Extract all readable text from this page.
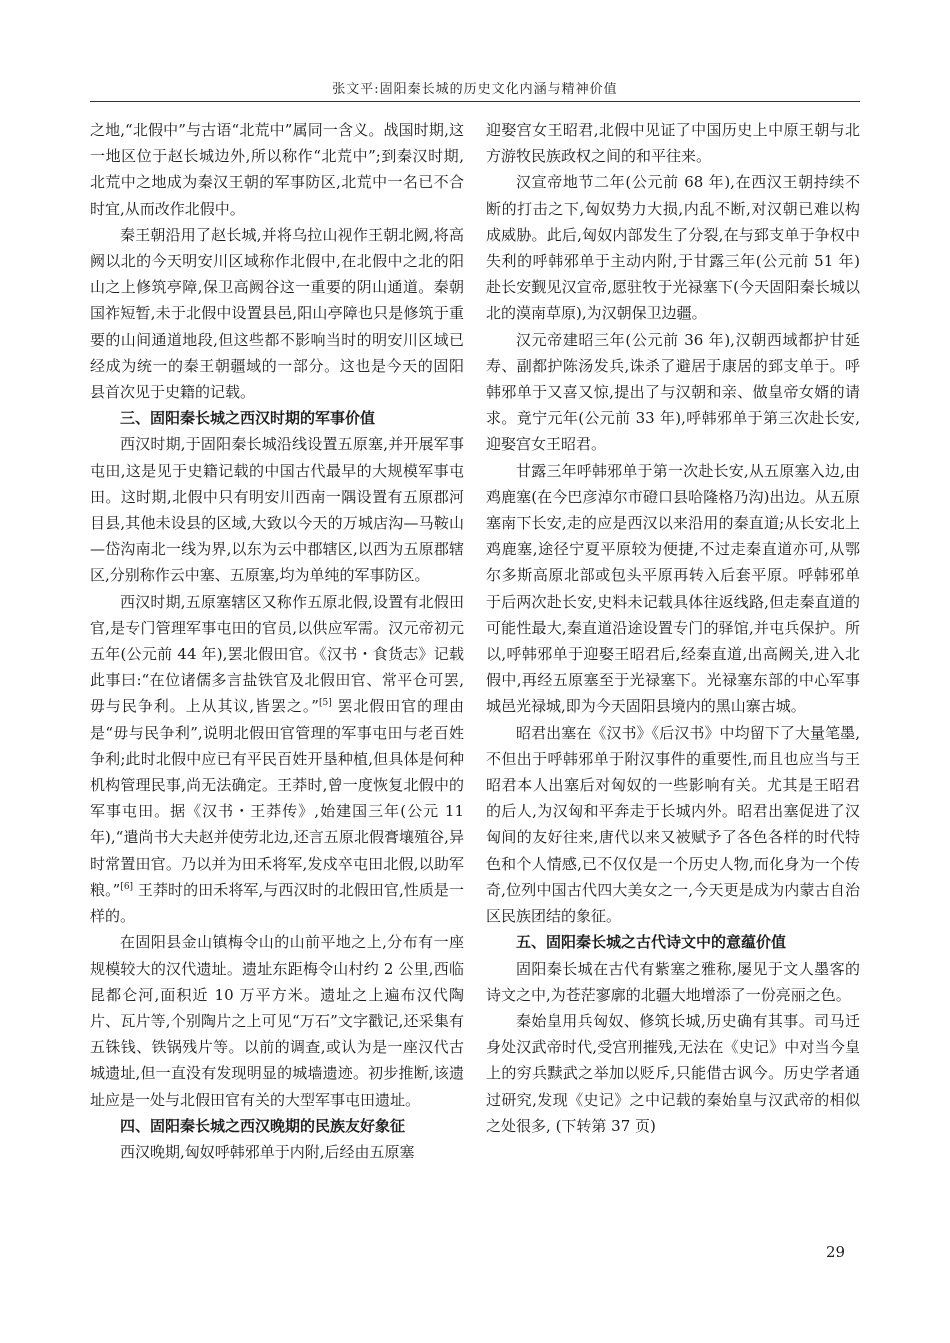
张文平:固阳秦长城的历史文化内涵与精神价值

之地,“北假中”与古语“北荒中”属同一含义。战国时期,这一地区位于赵长城边外,所以称作“北荒中”;到秦汉时期,北荒中之地成为秦汉王朝的军事防区,北荒中一名已不合时宜,从而改作北假中。

秦王朝沿用了赵长城,并将乌拉山视作王朝北阙,将高阙以北的今天明安川区域称作北假中,在北假中之北的阳山之上修筑亭障,保卫高阙谷这一重要的阴山通道。秦朝国祚短暂,未于北假中设置县邑,阳山亭障也只是修筑于重要的山间通道地段,但这些都不影响当时的明安川区域已经成为统一的秦王朝疆域的一部分。这也是今天的固阳县首次见于史籍的记载。

三、固阳秦长城之西汉时期的军事价值

西汉时期,于固阳秦长城沿线设置五原塞,并开展军事屯田,这是见于史籍记载的中国古代最早的大规模军事屯田。这时期,北假中只有明安川西南一隅设置有五原郡河目县,其他未设县的区域,大致以今天的万城店沟—马鞍山—岱沟南北一线为界,以东为云中郡辖区,以西为五原郡辖区,分别称作云中塞、五原塞,均为单纯的军事防区。

西汉时期,五原塞辖区又称作五原北假,设置有北假田官,是专门管理军事屯田的官员,以供应军需。汉元帝初元五年(公元前 44 年),罢北假田官。《汉书・食货志》记载此事曰:“在位诸儒多言盐铁官及北假田官、常平仓可罢,毋与民争利。上从其议,皆罢之。”[5] 罢北假田官的理由是“毋与民争利”,说明北假田官管理的军事屯田与老百姓争利;此时北假中应已有平民百姓开垦种植,但具体是何种机构管理民事,尚无法确定。王莽时,曾一度恢复北假中的军事屯田。据《汉书・王莽传》,始建国三年(公元 11 年),“遣尚书大夫赵并使劳北边,还言五原北假膏壤殖谷,异时常置田官。乃以并为田禾将军,发戍卒屯田北假,以助军粮。”[6] 王莽时的田禾将军,与西汉时的北假田官,性质是一样的。

在固阳县金山镇梅令山的山前平地之上,分布有一座规模较大的汉代遗址。遗址东距梅令山村约 2 公里,西临昆都仑河,面积近 10 万平方米。遗址之上遍布汉代陶片、瓦片等,个别陶片之上可见“万石”文字戳记,还采集有五铢钱、铁锅残片等。以前的调查,或认为是一座汉代古城遗址,但一直没有发现明显的城墙遗迹。初步推断,该遗址应是一处与北假田官有关的大型军事屯田遗址。

四、固阳秦长城之西汉晚期的民族友好象征

西汉晚期,匈奴呼韩邪单于内附,后经由五原塞

迎娶宫女王昭君,北假中见证了中国历史上中原王朝与北方游牧民族政权之间的和平往来。

汉宣帝地节二年(公元前 68 年),在西汉王朝持续不断的打击之下,匈奴势力大损,内乱不断,对汉朝已难以构成威胁。此后,匈奴内部发生了分裂,在与郅支单于争权中失利的呼韩邪单于主动内附,于甘露三年(公元前 51 年)赴长安觐见汉宣帝,愿驻牧于光禄塞下(今天固阳秦长城以北的漠南草原),为汉朝保卫边疆。

汉元帝建昭三年(公元前 36 年),汉朝西域都护甘延寿、副都护陈汤发兵,诛杀了避居于康居的郅支单于。呼韩邪单于又喜又惊,提出了与汉朝和亲、做皇帝女婿的请求。竟宁元年(公元前 33 年),呼韩邪单于第三次赴长安,迎娶宫女王昭君。

甘露三年呼韩邪单于第一次赴长安,从五原塞入边,由鸡鹿塞(在今巴彦淖尔市磴口县哈隆格乃沟)出边。从五原塞南下长安,走的应是西汉以来沿用的秦直道;从长安北上鸡鹿塞,途径宁夏平原较为便捷,不过走秦直道亦可,从鄂尔多斯高原北部或包头平原再转入后套平原。呼韩邪单于后两次赴长安,史料未记载具体往返线路,但走秦直道的可能性最大,秦直道沿途设置专门的驿馆,并屯兵保护。所以,呼韩邪单于迎娶王昭君后,经秦直道,出高阙关,进入北假中,再经五原塞至于光禄塞下。光禄塞东部的中心军事城邑光禄城,即为今天固阳县境内的黑山寨古城。

昭君出塞在《汉书》《后汉书》中均留下了大量笔墨,不但出于呼韩邪单于附汉事件的重要性,而且也应当与王昭君本人出塞后对匈奴的一些影响有关。尤其是王昭君的后人,为汉匈和平奔走于长城内外。昭君出塞促进了汉匈间的友好往来,唐代以来又被赋予了各色各样的时代特色和个人情感,已不仅仅是一个历史人物,而化身为一个传奇,位列中国古代四大美女之一,今天更是成为内蒙古自治区民族团结的象征。

五、固阳秦长城之古代诗文中的意蕴价值

固阳秦长城在古代有紫塞之雅称,屡见于文人墨客的诗文之中,为苍茫寥廓的北疆大地增添了一份亮丽之色。

秦始皇用兵匈奴、修筑长城,历史确有其事。司马迁身处汉武帝时代,受宫刑摧残,无法在《史记》中对当今皇上的穷兵黩武之举加以贬斥,只能借古讽今。历史学者通过研究,发现《史记》之中记载的秦始皇与汉武帝的相似之处很多, (下转第 37 页)

29
